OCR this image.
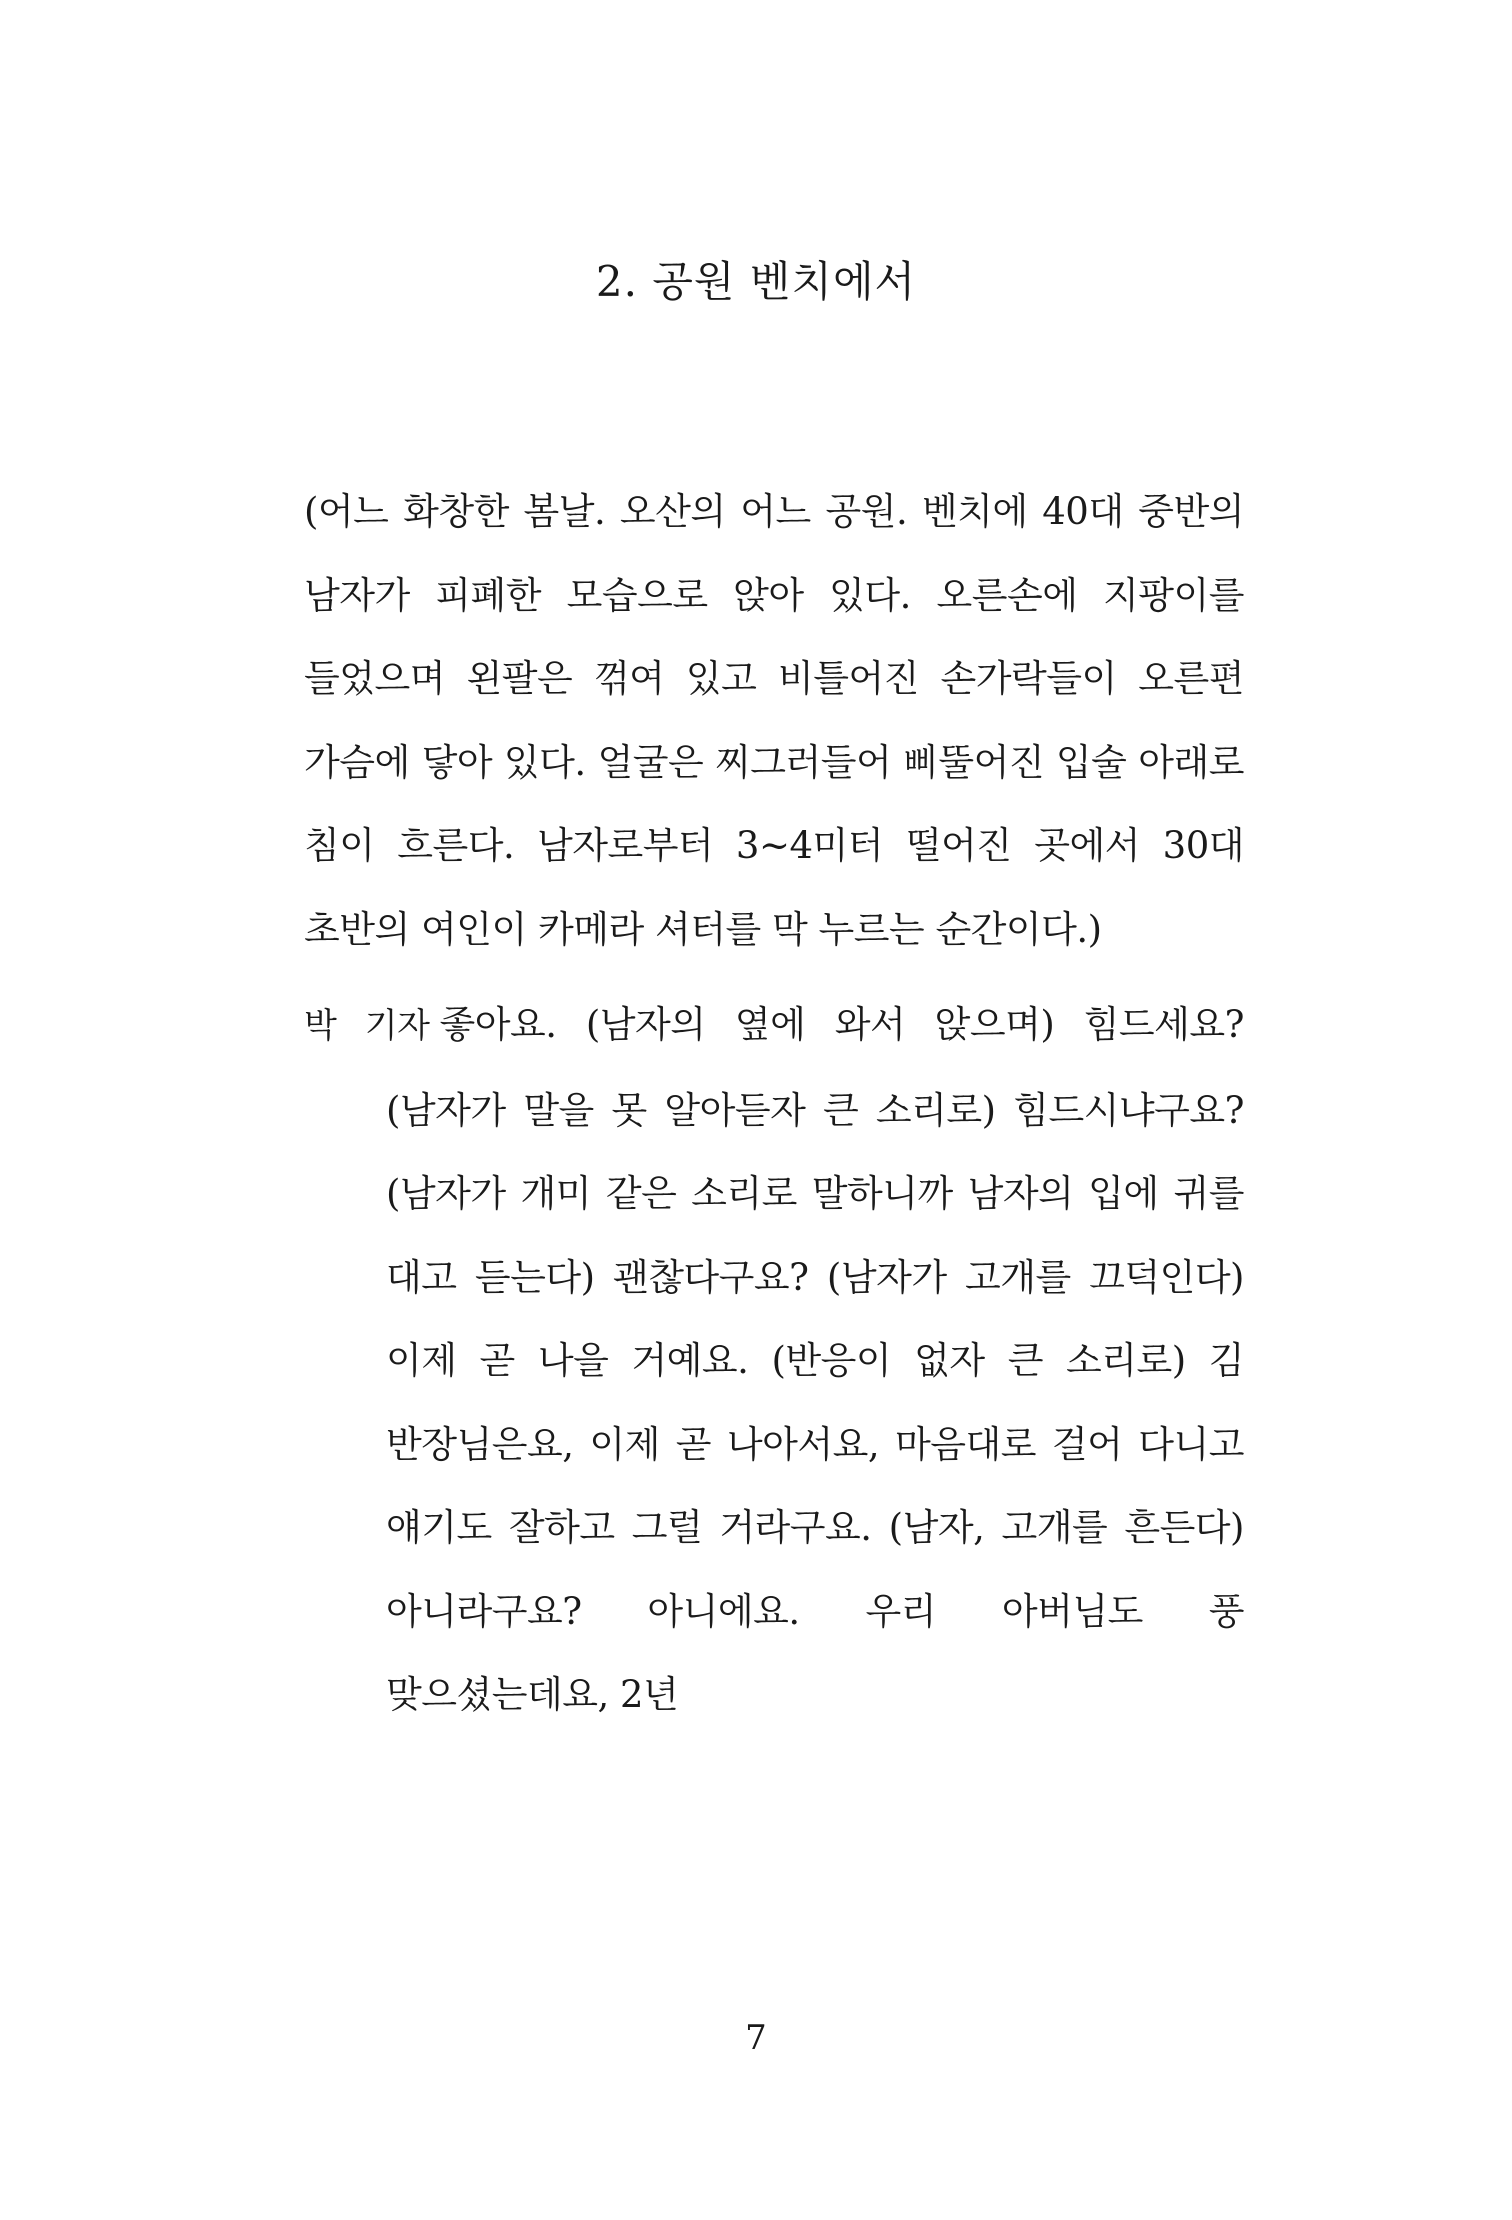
2. 공원 벤치에서

(어느 화창한 봄날. 오산의 어느 공원. 벤치에 40대 중반의 남자가 피폐한 모습으로 앉아 있다. 오른손에 지팡이를 들었으며 왼팔은 꺾여 있고 비틀어진 손가락들이 오른편 가슴에 닿아 있다. 얼굴은 찌그러들어 삐뚤어진 입술 아래로 침이 흐른다. 남자로부터 3~4미터 떨어진 곳에서 30대 초반의 여인이 카메라 셔터를 막 누르는 순간이다.)

박 기자 좋아요. (남자의 옆에 와서 앉으며) 힘드세요? (남자가 말을 못 알아듣자 큰 소리로) 힘드시냐구요? (남자가 개미 같은 소리로 말하니까 남자의 입에 귀를 대고 듣는다) 괜찮다구요? (남자가 고개를 끄덕인다) 이제 곧 나을 거예요. (반응이 없자 큰 소리로) 김 반장님은요, 이제 곧 나아서요, 마음대로 걸어 다니고 얘기도 잘하고 그럴 거라구요. (남자, 고개를 흔든다) 아니라구요? 아니에요. 우리 아버님도 풍 맞으셨는데요, 2년

7
